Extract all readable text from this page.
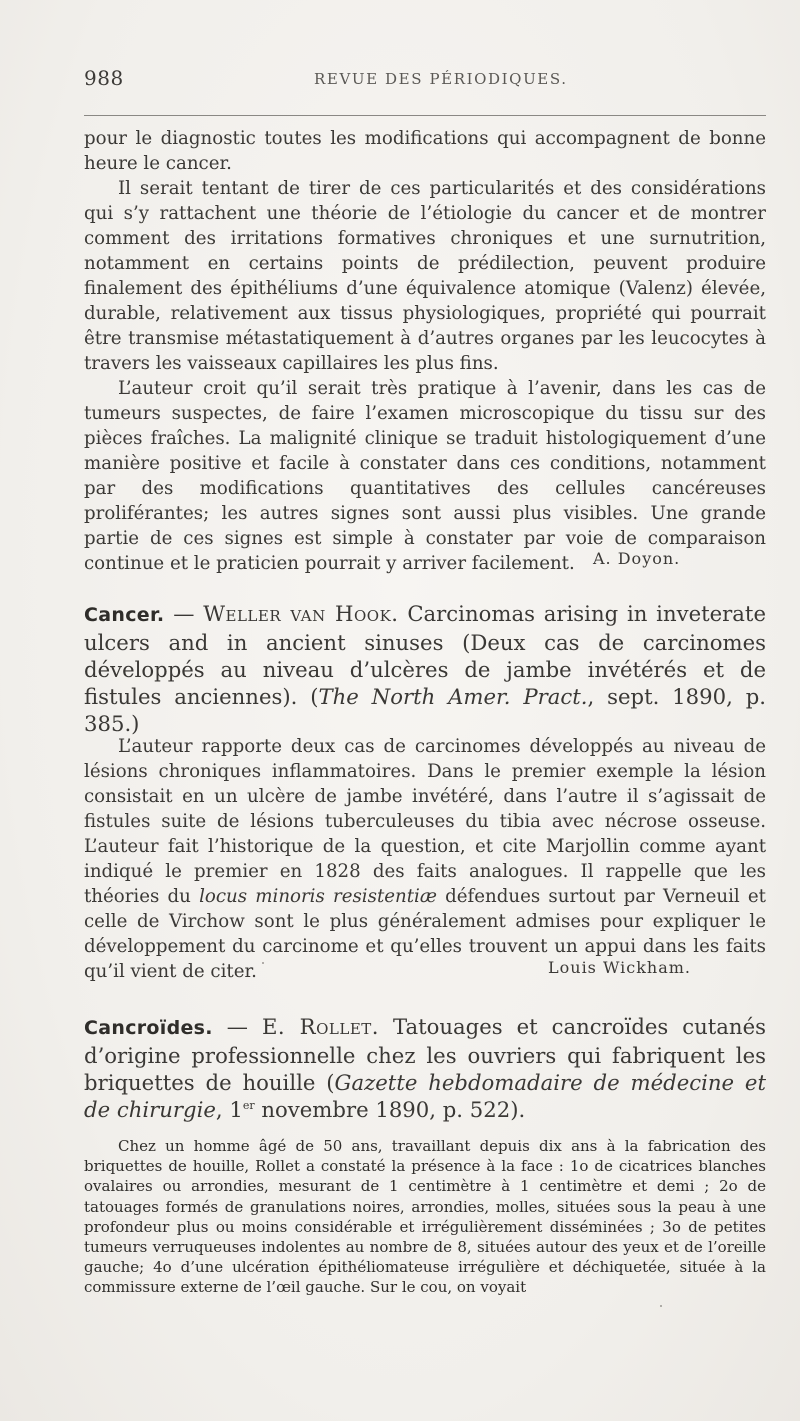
988	REVUE DES PÉRIODIQUES.

pour le diagnostic toutes les modifications qui accompagnent de bonne heure le cancer.

Il serait tentant de tirer de ces particularités et des considérations qui s’y rattachent une théorie de l’étiologie du cancer et de montrer comment des irritations formatives chroniques et une surnutrition, notamment en certains points de prédilection, peuvent produire finalement des épithéliums d’une équivalence atomique (Valenz) élevée, durable, relativement aux tissus physiologiques, propriété qui pourrait être transmise métastatiquement à d’autres organes par les leucocytes à travers les vaisseaux capillaires les plus fins.

L’auteur croit qu’il serait très pratique à l’avenir, dans les cas de tumeurs suspectes, de faire l’examen microscopique du tissu sur des pièces fraîches. La malignité clinique se traduit histologiquement d’une manière positive et facile à constater dans ces conditions, notamment par des modifications quantitatives des cellules cancéreuses proliférantes; les autres signes sont aussi plus visibles. Une grande partie de ces signes est simple à constater par voie de comparaison continue et le praticien pourrait y arriver facilement.	A. Doyon.

Cancer. — Weller van Hook. Carcinomas arising in inveterate ulcers and in ancient sinuses (Deux cas de carcinomes développés au niveau d’ulcères de jambe invétérés et de fistules anciennes). (The North Amer. Pract., sept. 1890, p. 385.)

L’auteur rapporte deux cas de carcinomes développés au niveau de lésions chroniques inflammatoires. Dans le premier exemple la lésion consistait en un ulcère de jambe invétéré, dans l’autre il s’agissait de fistules suite de lésions tuberculeuses du tibia avec nécrose osseuse. L’auteur fait l’historique de la question, et cite Marjollin comme ayant indiqué le premier en 1828 des faits analogues. Il rappelle que les théories du locus minoris resistentiæ défendues surtout par Verneuil et celle de Virchow sont le plus généralement admises pour expliquer le développement du carcinome et qu’elles trouvent un appui dans les faits qu’il vient de citer.	Louis Wickham.

Cancroïdes. — E. Rollet. Tatouages et cancroïdes cutanés d’origine professionnelle chez les ouvriers qui fabriquent les briquettes de houille (Gazette hebdomadaire de médecine et de chirurgie, 1er novembre 1890, p. 522).

Chez un homme âgé de 50 ans, travaillant depuis dix ans à la fabrication des briquettes de houille, Rollet a constaté la présence à la face : 1o de cicatrices blanches ovalaires ou arrondies, mesurant de 1 centimètre à 1 centimètre et demi ; 2o de tatouages formés de granulations noires, arrondies, molles, situées sous la peau à une profondeur plus ou moins considérable et irrégulièrement disséminées ; 3o de petites tumeurs verruqueuses indolentes au nombre de 8, situées autour des yeux et de l’oreille gauche; 4o d’une ulcération épithéliomateuse irrégulière et déchiquetée, située à la commissure externe de l’œil gauche. Sur le cou, on voyait
